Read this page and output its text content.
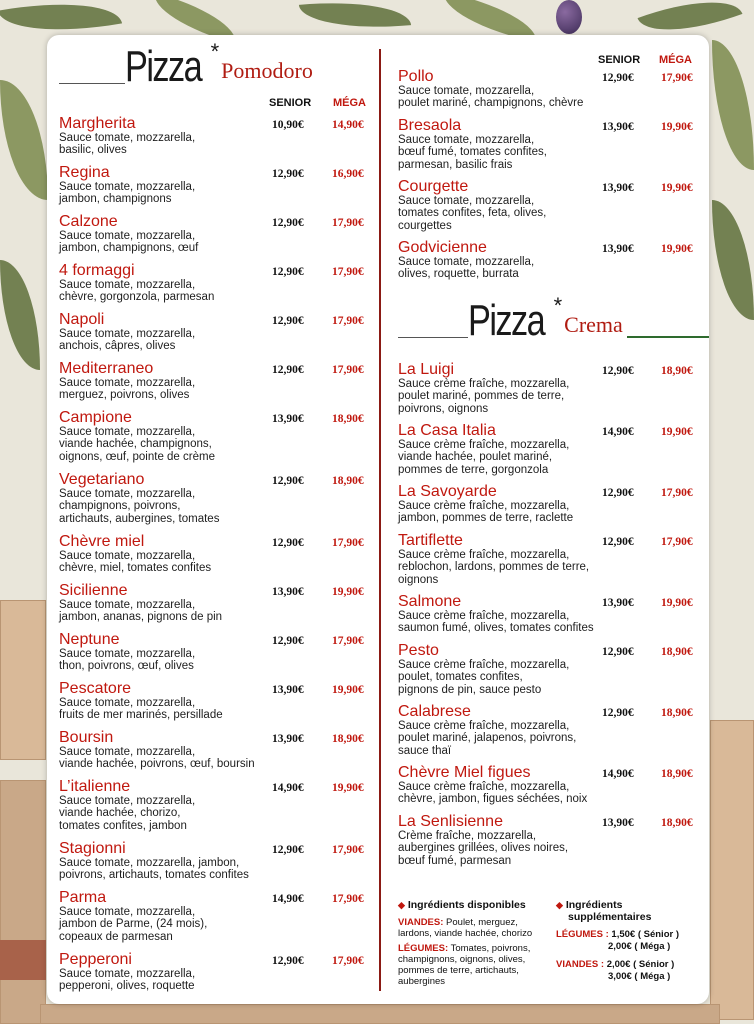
Pizza *
Pomodoro
SENIOR MÉGA
Margherita
Sauce tomate, mozzarella,
basilic, olives
10,90€ 14,90€
Regina
Sauce tomate, mozzarella,
jambon, champignons
12,90€ 16,90€
Calzone
Sauce tomate, mozzarella,
jambon, champignons, œuf
12,90€ 17,90€
4 formaggi
Sauce tomate, mozzarella,
chèvre, gorgonzola, parmesan
12,90€ 17,90€
Napoli
Sauce tomate, mozzarella,
anchois, câpres, olives
12,90€ 17,90€
Mediterraneo
Sauce tomate, mozzarella,
merguez, poivrons, olives
12,90€ 17,90€
Campione
Sauce tomate, mozzarella,
viande hachée, champignons,
oignons, œuf, pointe de crème
13,90€ 18,90€
Vegetariano
Sauce tomate, mozzarella,
champignons, poivrons,
artichauts, aubergines, tomates
12,90€ 18,90€
Chèvre miel
Sauce tomate, mozzarella,
chèvre, miel, tomates confites
12,90€ 17,90€
Sicilienne
Sauce tomate, mozzarella,
jambon, ananas, pignons de pin
13,90€ 19,90€
Neptune
Sauce tomate, mozzarella,
thon, poivrons, œuf, olives
12,90€ 17,90€
Pescatore
Sauce tomate, mozzarella,
fruits de mer marinés, persillade
13,90€ 19,90€
Boursin
Sauce tomate, mozzarella,
viande hachée, poivrons, œuf, boursin
13,90€ 18,90€
L’italienne
Sauce tomate, mozzarella,
viande hachée, chorizo,
tomates confites, jambon
14,90€ 19,90€
Stagionni
Sauce tomate, mozzarella, jambon,
poivrons, artichauts, tomates confites
12,90€ 17,90€
Parma
Sauce tomate, mozzarella,
jambon de Parme, (24 mois),
copeaux de parmesan
14,90€ 17,90€
Pepperoni
Sauce tomate, mozzarella,
pepperoni, olives, roquette
12,90€ 17,90€
SENIOR MÉGA
Pollo
Sauce tomate, mozzarella,
poulet mariné, champignons, chèvre
12,90€ 17,90€
Bresaola
Sauce tomate, mozzarella,
bœuf fumé, tomates confites,
parmesan, basilic frais
13,90€ 19,90€
Courgette
Sauce tomate, mozzarella,
tomates confites, feta, olives,
courgettes
13,90€ 19,90€
Godvicienne
Sauce tomate, mozzarella,
olives, roquette, burrata
13,90€ 19,90€
Pizza *
Crema
La Luigi
Sauce crème fraîche, mozzarella,
poulet mariné, pommes de terre,
poivrons, oignons
12,90€ 18,90€
La Casa Italia
Sauce crème fraîche, mozzarella,
viande hachée, poulet mariné,
pommes de terre, gorgonzola
14,90€ 19,90€
La Savoyarde
Sauce crème fraîche, mozzarella,
jambon, pommes de terre, raclette
12,90€ 17,90€
Tartiflette
Sauce crème fraîche, mozzarella,
reblochon, lardons, pommes de terre,
oignons
12,90€ 17,90€
Salmone
Sauce crème fraîche, mozzarella,
saumon fumé, olives, tomates confites
13,90€ 19,90€
Pesto
Sauce crème fraîche, mozzarella,
poulet, tomates confites,
pignons de pin, sauce pesto
12,90€ 18,90€
Calabrese
Sauce crème fraîche, mozzarella,
poulet mariné, jalapenos, poivrons,
sauce thaï
12,90€ 18,90€
Chèvre Miel figues
Sauce crème fraîche, mozzarella,
chèvre, jambon, figues séchées, noix
14,90€ 18,90€
La Senlisienne
Crème fraîche, mozzarella,
aubergines grillées, olives noires,
bœuf fumé, parmesan
13,90€ 18,90€
◆ Ingrédients disponibles
VIANDES: Poulet, merguez,
lardons, viande hachée, chorizo
LÉGUMES: Tomates, poivrons,
champignons, oignons, olives,
pommes de terre, artichauts,
aubergines
◆ Ingrédients
supplémentaires
LÉGUMES : 1,50€ ( Sénior )
2,00€ ( Méga )
VIANDES : 2,00€ ( Sénior )
3,00€ ( Méga )
